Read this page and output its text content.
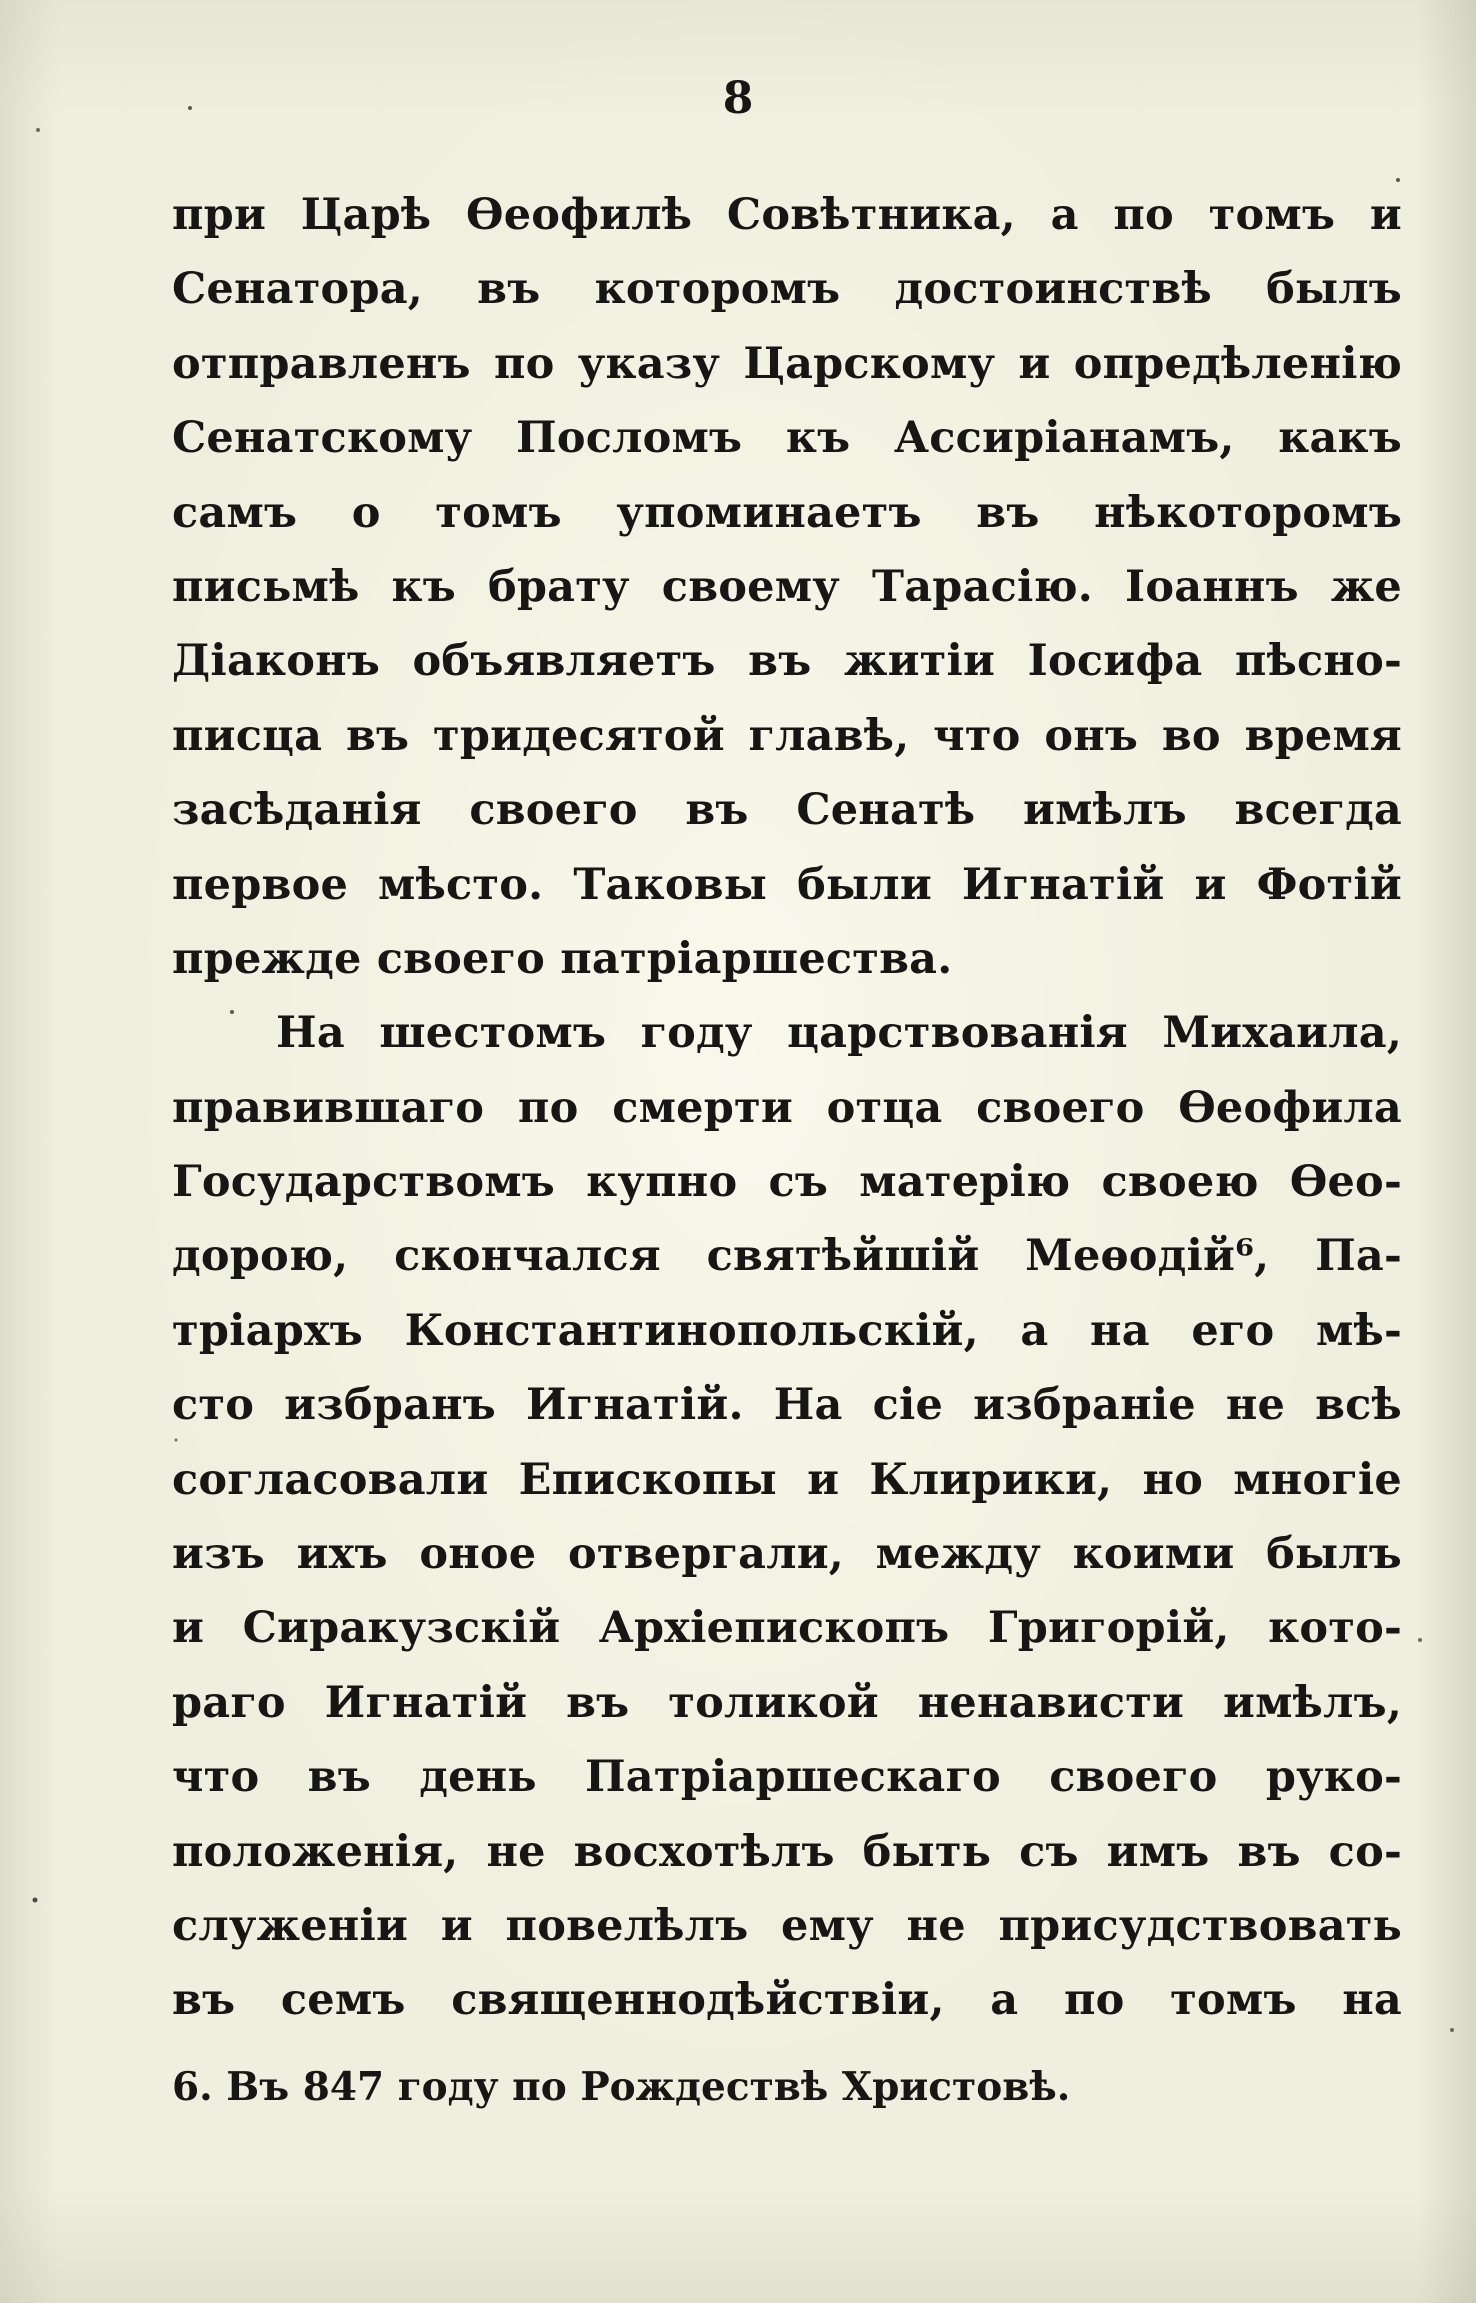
8
при Царѣ Ѳеофилѣ Совѣтника, а по томъ и
Сенатора, въ которомъ достоинствѣ былъ
отправленъ по указу Царскому и опредѣленію
Сенатскому Посломъ къ Ассиріанамъ, какъ
самъ о томъ упоминаетъ въ нѣкоторомъ
письмѣ къ брату своему Тарасію. Іоаннъ же
Діаконъ объявляетъ въ житіи Іосифа пѣсно-
писца въ тридесятой главѣ, что онъ во время
засѣданія своего въ Сенатѣ имѣлъ всегда
первое мѣсто. Таковы были Игнатій и Фотій
прежде своего патріаршества.
На шестомъ году царствованія Михаила,
правившаго по смерти отца своего Ѳеофила
Государствомъ купно съ матерію своею Ѳео-
дорою, скончался святѣйшій Меѳодій⁶, Па-
тріархъ Константинопольскій, а на его мѣ-
сто избранъ Игнатій. На сіе избраніе не всѣ
согласовали Епископы и Клирики, но многіе
изъ ихъ оное отвергали, между коими былъ
и Сиракузскій Архіепископъ Григорій, кото-
раго Игнатій въ толикой ненависти имѣлъ,
что въ день Патріаршескаго своего руко-
положенія, не восхотѣлъ быть съ имъ въ со-
служеніи и повелѣлъ ему не присудствовать
въ семъ священнодѣйствіи, а по томъ на
6. Въ 847 году по Рождествѣ Христовѣ.
